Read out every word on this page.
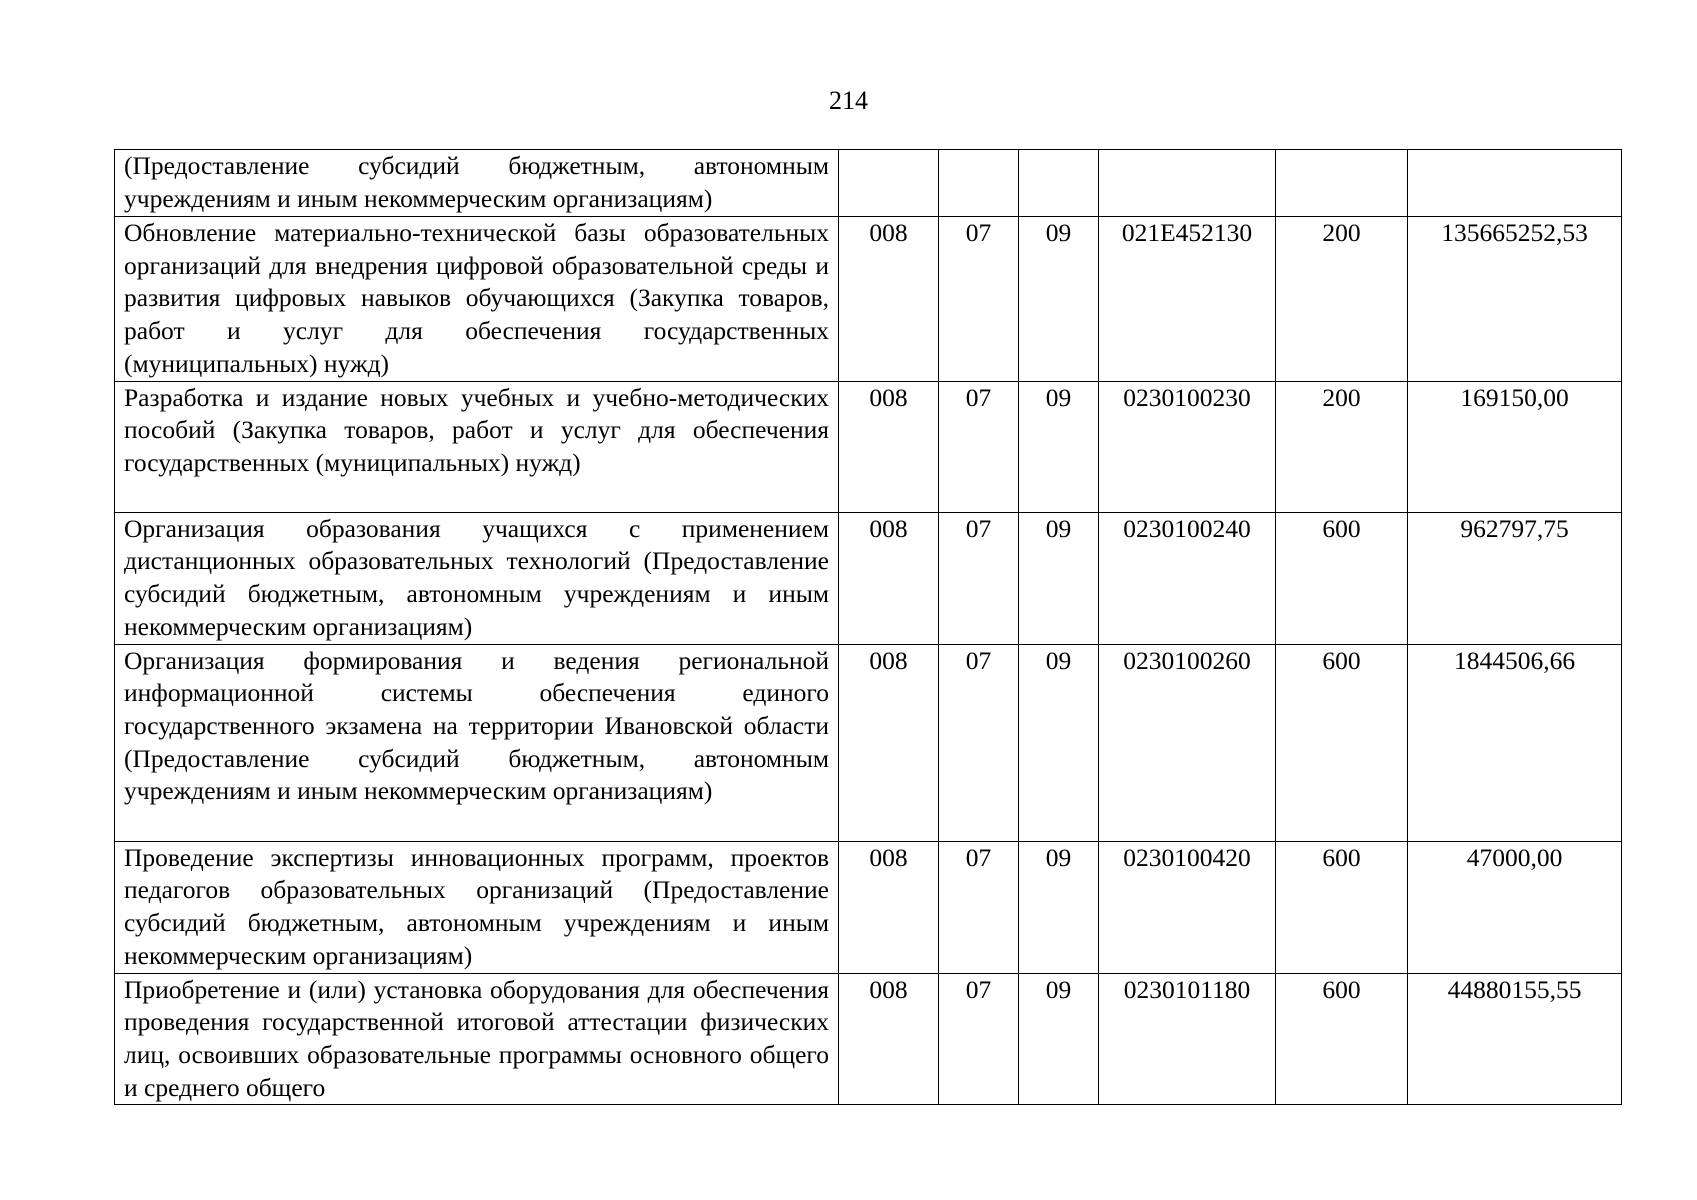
214
(Предоставление субсидий бюджетным, автономным учреждениям и иным некоммерческим организациям)						
Обновление материально-технической базы образовательных организаций для внедрения цифровой образовательной среды и развития цифровых навыков обучающихся (Закупка товаров, работ и услуг для обеспечения государственных (муниципальных) нужд)	008	07	09	021E452130	200	135665252,53
Разработка и издание новых учебных и учебно-методических пособий (Закупка товаров, работ и услуг для обеспечения государственных (муниципальных) нужд)	008	07	09	0230100230	200	169150,00
Организация образования учащихся с применением дистанционных образовательных технологий (Предоставление субсидий бюджетным, автономным учреждениям и иным некоммерческим организациям)	008	07	09	0230100240	600	962797,75
Организация формирования и ведения региональной информационной системы обеспечения единого государственного экзамена на территории Ивановской области (Предоставление субсидий бюджетным, автономным учреждениям и иным некоммерческим организациям)	008	07	09	0230100260	600	1844506,66
Проведение экспертизы инновационных программ, проектов педагогов образовательных организаций (Предоставление субсидий бюджетным, автономным учреждениям и иным некоммерческим организациям)	008	07	09	0230100420	600	47000,00

Приобретение и (или) установка оборудования для обеспечения проведения государственной итоговой аттестации физических лиц, освоивших образовательные программы основного общего и среднего общего	008	07	09	0230101180	600	44880155,55
